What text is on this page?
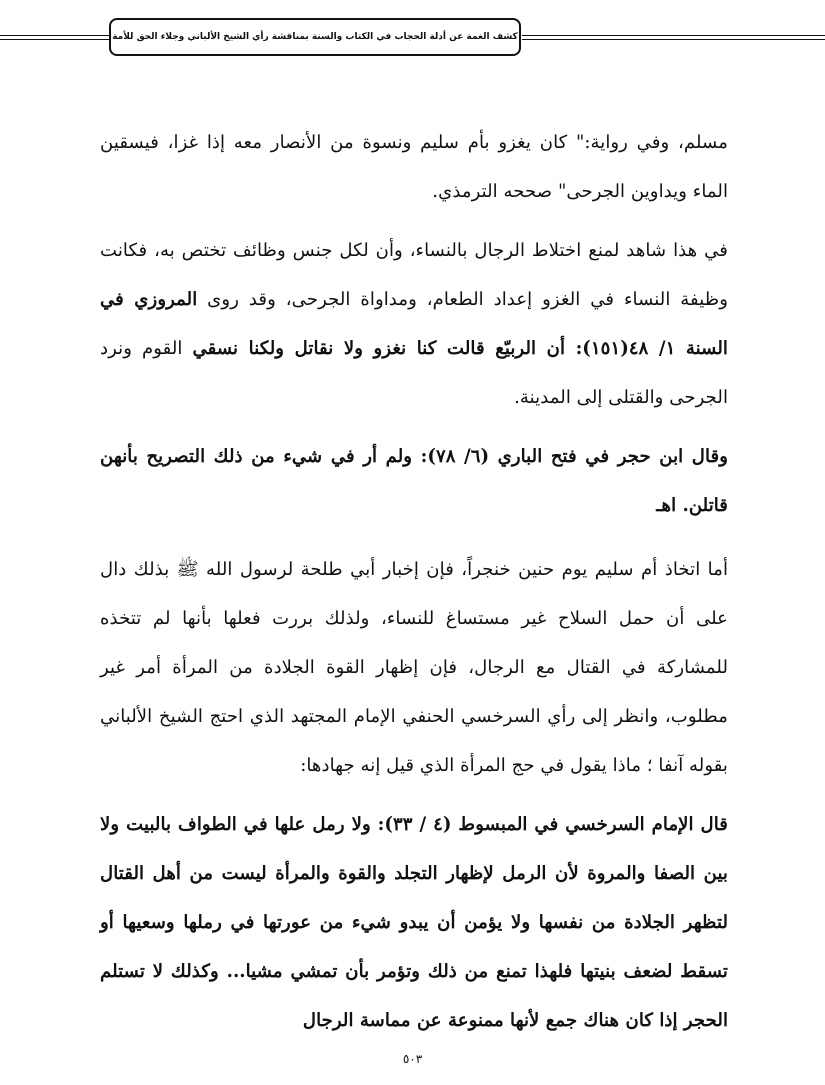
كشف الغمة عن أدلة الحجاب في الكتاب والسنة بمناقشة رأي الشيخ الألباني وجلاء الحق للأمة

مسلم، وفي رواية:" كان يغزو بأم سليم ونسوة من الأنصار معه إذا غزا، فيسقين الماء ويداوين الجرحى" صححه الترمذي.

في هذا شاهد لمنع اختلاط الرجال بالنساء، وأن لكل جنس وظائف تختص به، فكانت وظيفة النساء في الغزو إعداد الطعام، ومداواة الجرحى، وقد روى المروزي في السنة ١/ ٤٨(١٥١): أن الربيّع قالت كنا نغزو ولا نقاتل ولكنا نسقي القوم ونرد الجرحى والقتلى إلى المدينة.

وقال ابن حجر في فتح الباري (٦/ ٧٨): ولم أر في شيء من ذلك التصريح بأنهن قاتلن. اهـ

أما اتخاذ أم سليم يوم حنين خنجراً، فإن إخبار أبي طلحة لرسول الله ﷺ بذلك دال على أن حمل السلاح غير مستساغ للنساء، ولذلك بررت فعلها بأنها لم تتخذه للمشاركة في القتال مع الرجال، فإن إظهار القوة الجلادة من المرأة أمر غير مطلوب، وانظر إلى رأي السرخسي الحنفي الإمام المجتهد الذي احتج الشيخ الألباني بقوله آنفا ؛ ماذا يقول في حج المرأة الذي قيل إنه جهادها:

قال الإمام السرخسي في المبسوط (٤ / ٣٣): ولا رمل علها في الطواف بالبيت ولا بين الصفا والمروة لأن الرمل لإظهار التجلد والقوة والمرأة ليست من أهل القتال لتظهر الجلادة من نفسها ولا يؤمن أن يبدو شيء من عورتها في رملها وسعيها أو تسقط لضعف بنيتها فلهذا تمنع من ذلك وتؤمر بأن تمشي مشيا... وكذلك لا تستلم الحجر إذا كان هناك جمع لأنها ممنوعة عن مماسة الرجال

٥٠٣
